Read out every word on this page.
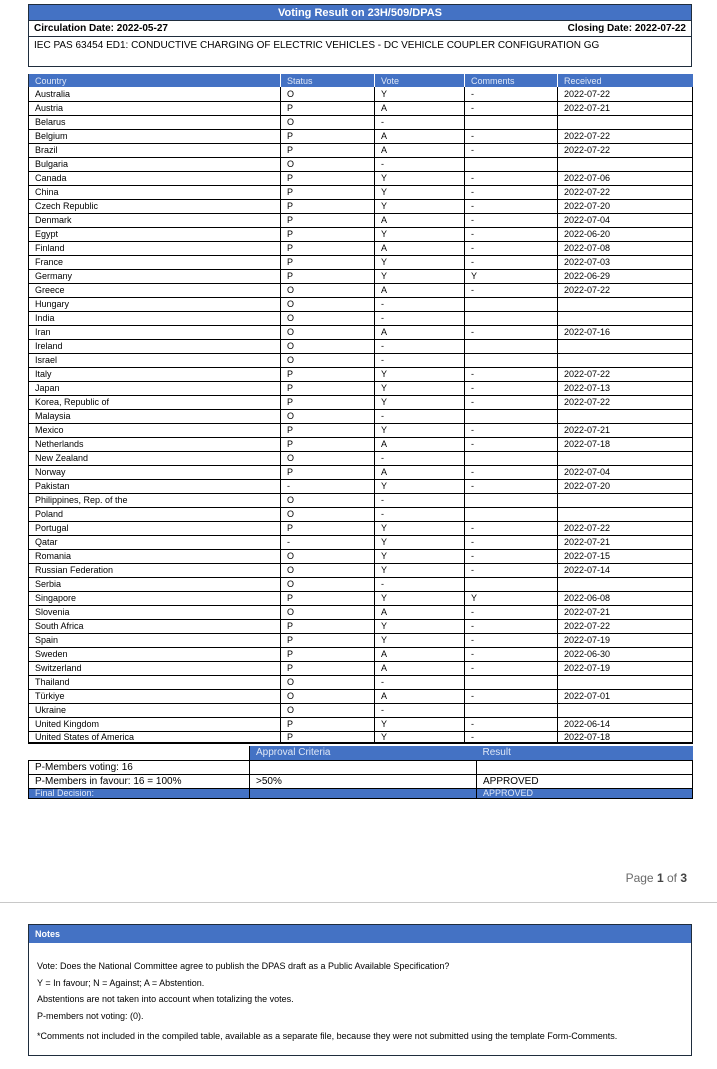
Voting Result on 23H/509/DPAS
Circulation Date: 2022-05-27	Closing Date: 2022-07-22
IEC PAS 63454 ED1: CONDUCTIVE CHARGING OF ELECTRIC VEHICLES - DC VEHICLE COUPLER CONFIGURATION GG
Country	Status	Vote	Comments	Received
Australia	O	Y	-	2022-07-22
Austria	P	A	-	2022-07-21
Belarus	O	-		
Belgium	P	A	-	2022-07-22
Brazil	P	A	-	2022-07-22
Bulgaria	O	-		
Canada	P	Y	-	2022-07-06
China	P	Y	-	2022-07-22
Czech Republic	P	Y	-	2022-07-20
Denmark	P	A	-	2022-07-04
Egypt	P	Y	-	2022-06-20
Finland	P	A	-	2022-07-08
France	P	Y	-	2022-07-03
Germany	P	Y	Y	2022-06-29
Greece	O	A	-	2022-07-22
Hungary	O	-		
India	O	-		
Iran	O	A	-	2022-07-16
Ireland	O	-		
Israel	O	-		
Italy	P	Y	-	2022-07-22
Japan	P	Y	-	2022-07-13
Korea, Republic of	P	Y	-	2022-07-22
Malaysia	O	-		
Mexico	P	Y	-	2022-07-21
Netherlands	P	A	-	2022-07-18
New Zealand	O	-		
Norway	P	A	-	2022-07-04
Pakistan	-	Y	-	2022-07-20
Philippines, Rep. of the	O	-		
Poland	O	-		
Portugal	P	Y	-	2022-07-22
Qatar	-	Y	-	2022-07-21
Romania	O	Y	-	2022-07-15
Russian Federation	O	Y	-	2022-07-14
Serbia	O	-		
Singapore	P	Y	Y	2022-06-08
Slovenia	O	A	-	2022-07-21
South Africa	P	Y	-	2022-07-22
Spain	P	Y	-	2022-07-19
Sweden	P	A	-	2022-06-30
Switzerland	P	A	-	2022-07-19
Thailand	O	-		
Türkiye	O	A	-	2022-07-01
Ukraine	O	-		
United Kingdom	P	Y	-	2022-06-14
United States of America	P	Y	-	2022-07-18
	Approval Criteria	Result
P-Members voting: 16		
P-Members in favour: 16 = 100%	>50%	APPROVED
Final Decision:		APPROVED
Page 1 of 3
Notes

Vote: Does the National Committee agree to publish the DPAS draft as a Public Available Specification?

Y = In favour; N = Against; A = Abstention.

Abstentions are not taken into account when totalizing the votes.

P-members not voting: (0).

*Comments not included in the compiled table, available as a separate file, because they were not submitted using the template Form-Comments.
